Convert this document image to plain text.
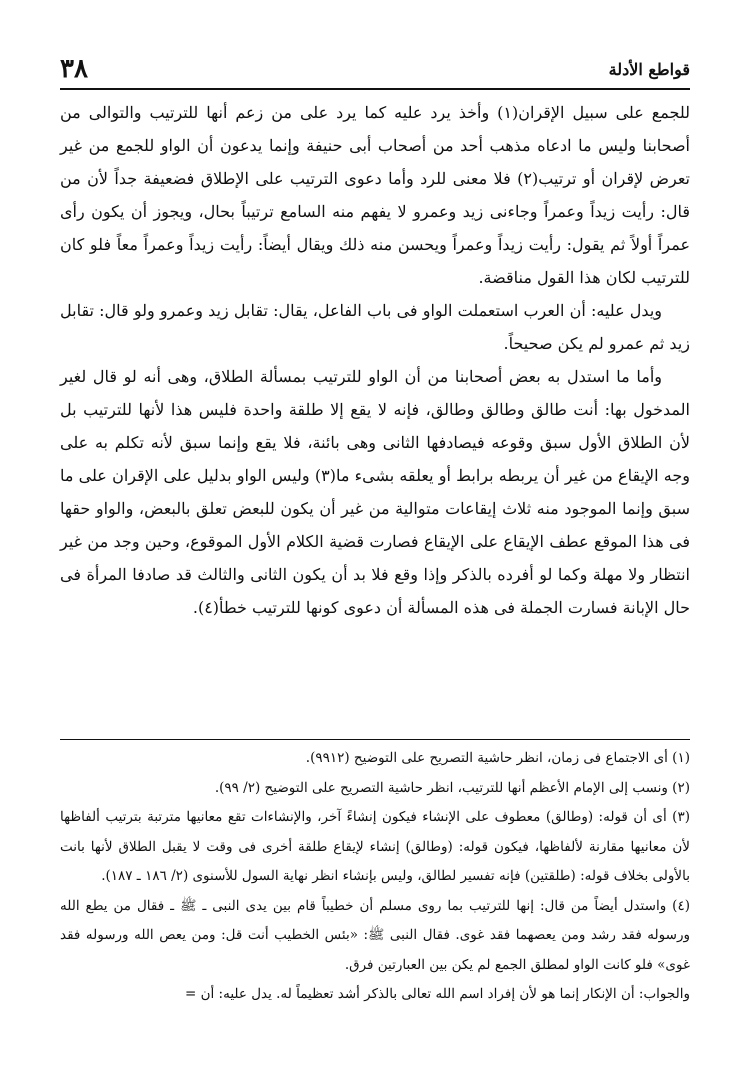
٣٨	قواطع الأدلة

للجمع على سبيل الإقران(١) وأخذ يرد عليه كما يرد على من زعم أنها للترتيب والتوالى من أصحابنا وليس ما ادعاه مذهب أحد من أصحاب أبى حنيفة وإنما يدعون أن الواو للجمع من غير تعرض لإقران أو ترتيب(٢) فلا معنى للرد وأما دعوى الترتيب على الإطلاق فضعيفة جداً لأن من قال: رأيت زيداً وعمراً وجاءنى زيد وعمرو لا يفهم منه السامع ترتيباً بحال، ويجوز أن يكون رأى عمراً أولاً ثم يقول: رأيت زيداً وعمراً ويحسن منه ذلك ويقال أيضاً: رأيت زيداً وعمراً معاً فلو كان للترتيب لكان هذا القول مناقضة.

ويدل عليه: أن العرب استعملت الواو فى باب الفاعل، يقال: تقابل زيد وعمرو ولو قال: تقابل زيد ثم عمرو لم يكن صحيحاً.

وأما ما استدل به بعض أصحابنا من أن الواو للترتيب بمسألة الطلاق، وهى أنه لو قال لغير المدخول بها: أنت طالق وطالق وطالق، فإنه لا يقع إلا طلقة واحدة فليس هذا لأنها للترتيب بل لأن الطلاق الأول سبق وقوعه فيصادفها الثانى وهى بائنة، فلا يقع وإنما سبق لأنه تكلم به على وجه الإيقاع من غير أن يربطه برابط أو يعلقه بشىء ما(٣) وليس الواو بدليل على الإقران على ما سبق وإنما الموجود منه ثلاث إيقاعات متوالية من غير أن يكون للبعض تعلق بالبعض، والواو حقها فى هذا الموقع عطف الإيقاع على الإيقاع فصارت قضية الكلام الأول الموقوع، وحين وجد من غير انتظار ولا مهلة وكما لو أفرده بالذكر وإذا وقع فلا بد أن يكون الثانى والثالث قد صادفا المرأة فى حال الإبانة فسارت الجملة فى هذه المسألة أن دعوى كونها للترتيب خطأ(٤).

(١) أى الاجتماع فى زمان، انظر حاشية التصريح على التوضيح (٩٩١٢).

(٢) ونسب إلى الإمام الأعظم أنها للترتيب، انظر حاشية التصريح على التوضيح (٢/ ٩٩).

(٣) أى أن قوله: (وطالق) معطوف على الإنشاء فيكون إنشاءً آخر، والإنشاءات تقع معانيها مترتبة بترتيب ألفاظها لأن معانيها مقارنة لألفاظها، فيكون قوله: (وطالق) إنشاء لإيقاع طلقة أخرى فى وقت لا يقبل الطلاق لأنها بانت بالأولى بخلاف قوله: (طلقتين) فإنه تفسير لطالق، وليس بإنشاء انظر نهاية السول للأسنوى (٢/ ١٨٦ ـ ١٨٧).

(٤) واستدل أيضاً من قال: إنها للترتيب بما روى مسلم أن خطيباً قام بين يدى النبى ـ ﷺ ـ فقال من يطع الله ورسوله فقد رشد ومن يعصهما فقد غوى. فقال النبى ﷺ: «بئس الخطيب أنت قل: ومن يعص الله ورسوله فقد غوى» فلو كانت الواو لمطلق الجمع لم يكن بين العبارتين فرق.

والجواب: أن الإنكار إنما هو لأن إفراد اسم الله تعالى بالذكر أشد تعظيماً له. يدل عليه: أن =
